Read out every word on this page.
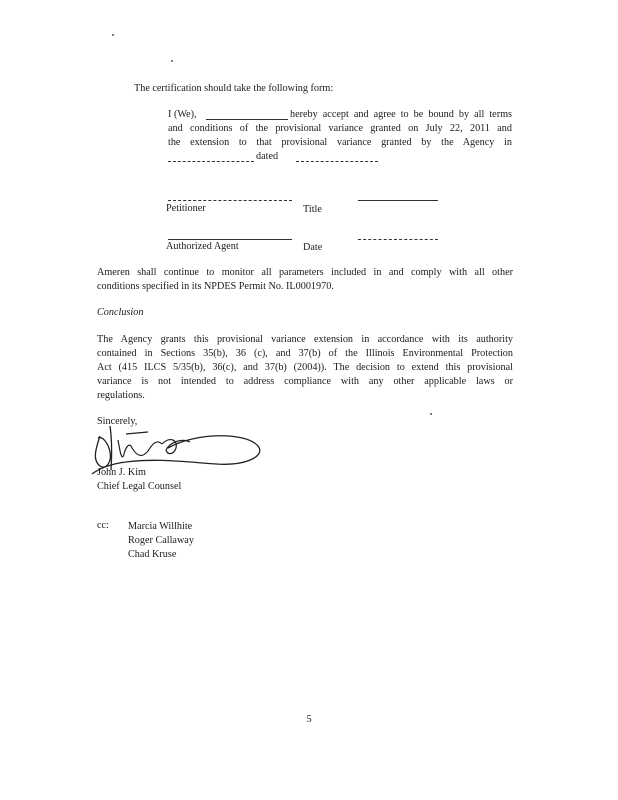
The certification should take the following form:
I (We),	hereby accept and agree to be bound by all terms
and conditions of the provisional variance granted on July 22, 2011 and
the extension to that provisional variance granted by the Agency in
dated
Petitioner	Title
Authorized Agent	Date
Ameren shall continue to monitor all parameters included in and comply with all other
conditions specified in its NPDES Permit No. IL0001970.
Conclusion
The Agency grants this provisional variance extension in accordance with its authority
contained in Sections 35(b), 36 (c), and 37(b) of the Illinois Environmental Protection
Act (415 ILCS 5/35(b), 36(c), and 37(b) (2004)). The decision to extend this provisional
variance is not intended to address compliance with any other applicable laws or
regulations.
Sincerely,
John J. Kim
Chief Legal Counsel
cc:	Marcia Willhite
Roger Callaway
Chad Kruse
5
